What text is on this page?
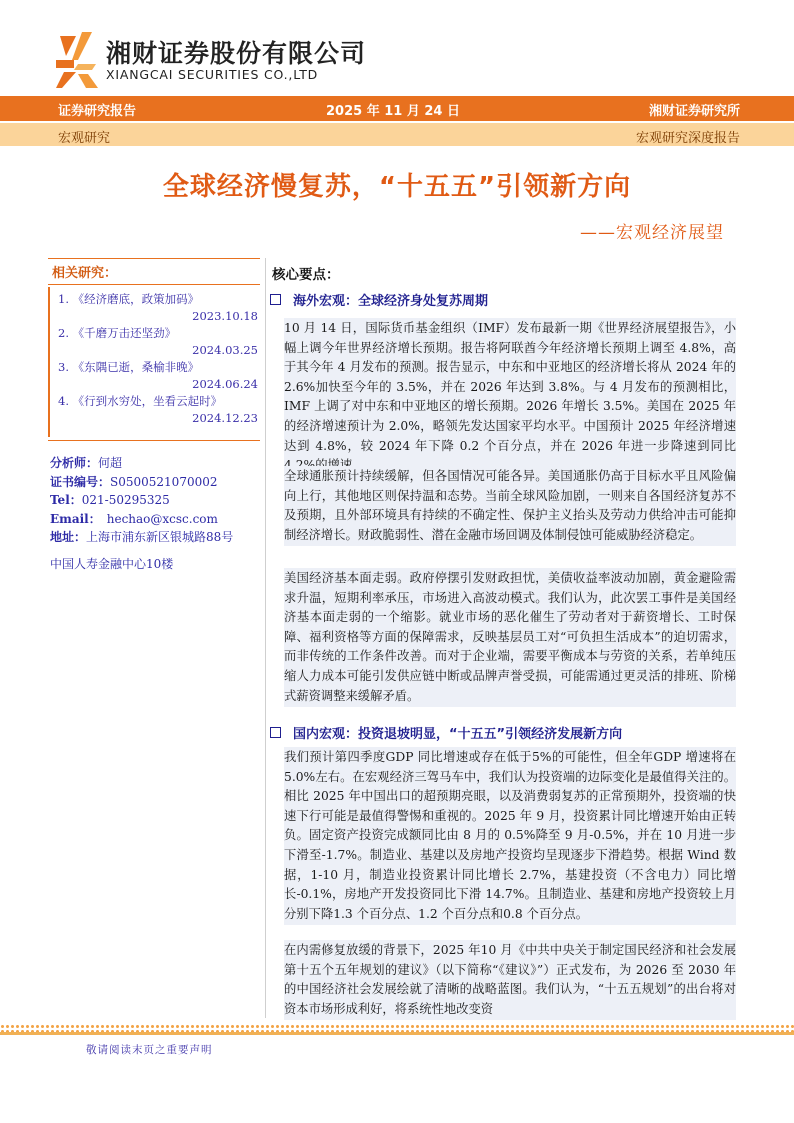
湘财证券股份有限公司
XIANGCAI SECURITIES CO.,LTD
证券研究报告	2025 年 11 月 24 日	湘财证券研究所
宏观研究	宏观研究深度报告
全球经济慢复苏，“十五五”引领新方向
——宏观经济展望
相关研究：
1. 《经济磨底，政策加码》
2023.10.18
2. 《千磨万击还坚劲》
2024.03.25
3. 《东隅已逝，桑榆非晚》
2024.06.24
4. 《行到水穷处，坐看云起时》
2024.12.23
分析师：何超
证书编号：S0500521070002
Tel：021-50295325
Email： hechao@xcsc.com
地址：上海市浦东新区银城路88号
中国人寿金融中心10楼
核心要点：
海外宏观：全球经济身处复苏周期
10 月 14 日，国际货币基金组织（IMF）发布最新一期《世界经济展望报告》，小幅上调今年世界经济增长预期。报告将阿联酋今年经济增长预期上调至 4.8%，高于其今年 4 月发布的预测。报告显示，中东和中亚地区的经济增长将从 2024 年的 2.6%加快至今年的 3.5%，并在 2026 年达到 3.8%。与 4 月发布的预测相比，IMF 上调了对中东和中亚地区的增长预期。2026 年增长 3.5%。美国在 2025 年的经济增速预计为 2.0%，略领先发达国家平均水平。中国预计 2025 年经济增速达到 4.8%，较 2024 年下降 0.2 个百分点，并在 2026 年进一步降速到同比
全球通胀预计持续缓解，但各国情况可能各异。美国通胀仍高于目标水平且风险偏向上行，其他地区则保持温和态势。当前全球风险加剧，一则来自各国经济复苏不及预期，且外部环境具有持续的不确定性、保护主义抬头及劳动力供给冲击可能抑制经济增长。财政脆弱性、潜在金融市场回调及体制侵蚀可能威胁经济稳定。
美国经济基本面走弱。政府停摆引发财政担忧，美债收益率波动加剧，黄金避险需求升温，短期利率承压，市场进入高波动模式。我们认为，此次罢工事件是美国经济基本面走弱的一个缩影。就业市场的恶化催生了劳动者对于薪资增长、工时保障、福利资格等方面的保障需求，反映基层员工对“可负担生活成本”的迫切需求，而非传统的工作条件改善。而对于企业端，需要平衡成本与劳资的关系，若单纯压缩人力成本可能引发供应链中断或品牌声誉受损，可能需通过更灵活的排班、阶梯式薪资调整来缓解矛盾。
国内宏观：投资退坡明显，“十五五”引领经济发展新方向
我们预计第四季度GDP 同比增速或存在低于5%的可能性，但全年GDP 增速将在 5.0%左右。在宏观经济三驾马车中，我们认为投资端的边际变化是最值得关注的。相比 2025 年中国出口的超预期亮眼，以及消费弱复苏的正常预期外，投资端的快速下行可能是最值得警惕和重视的。2025 年 9 月，投资累计同比增速开始由正转负。固定资产投资完成额同比由 8 月的 0.5%降至 9 月-0.5%，并在 10 月进一步下滑至-1.7%。制造业、基建以及房地产投资均呈现逐步下滑趋势。根据 Wind 数据，1-10 月，制造业投资累计同比增长 2.7%，基建投资（不含电力）同比增长-0.1%，房地产开发投资同比下滑 14.7%。且制造业、基建和房地产投资较上月分别下降1.3 个百分点、1.2 个百分点和0.8 个百分点。
在内需修复放缓的背景下，2025 年10 月《中共中央关于制定国民经济和社会发展第十五个五年规划的建议》（以下简称“《建议》”）正式发布，为 2026 至 2030 年的中国经济社会发展绘就了清晰的战略蓝图。我们认为，“十五五规划”的出台将对资本市场形成利好，将系统性地改变资
敬请阅读末页之重要声明
